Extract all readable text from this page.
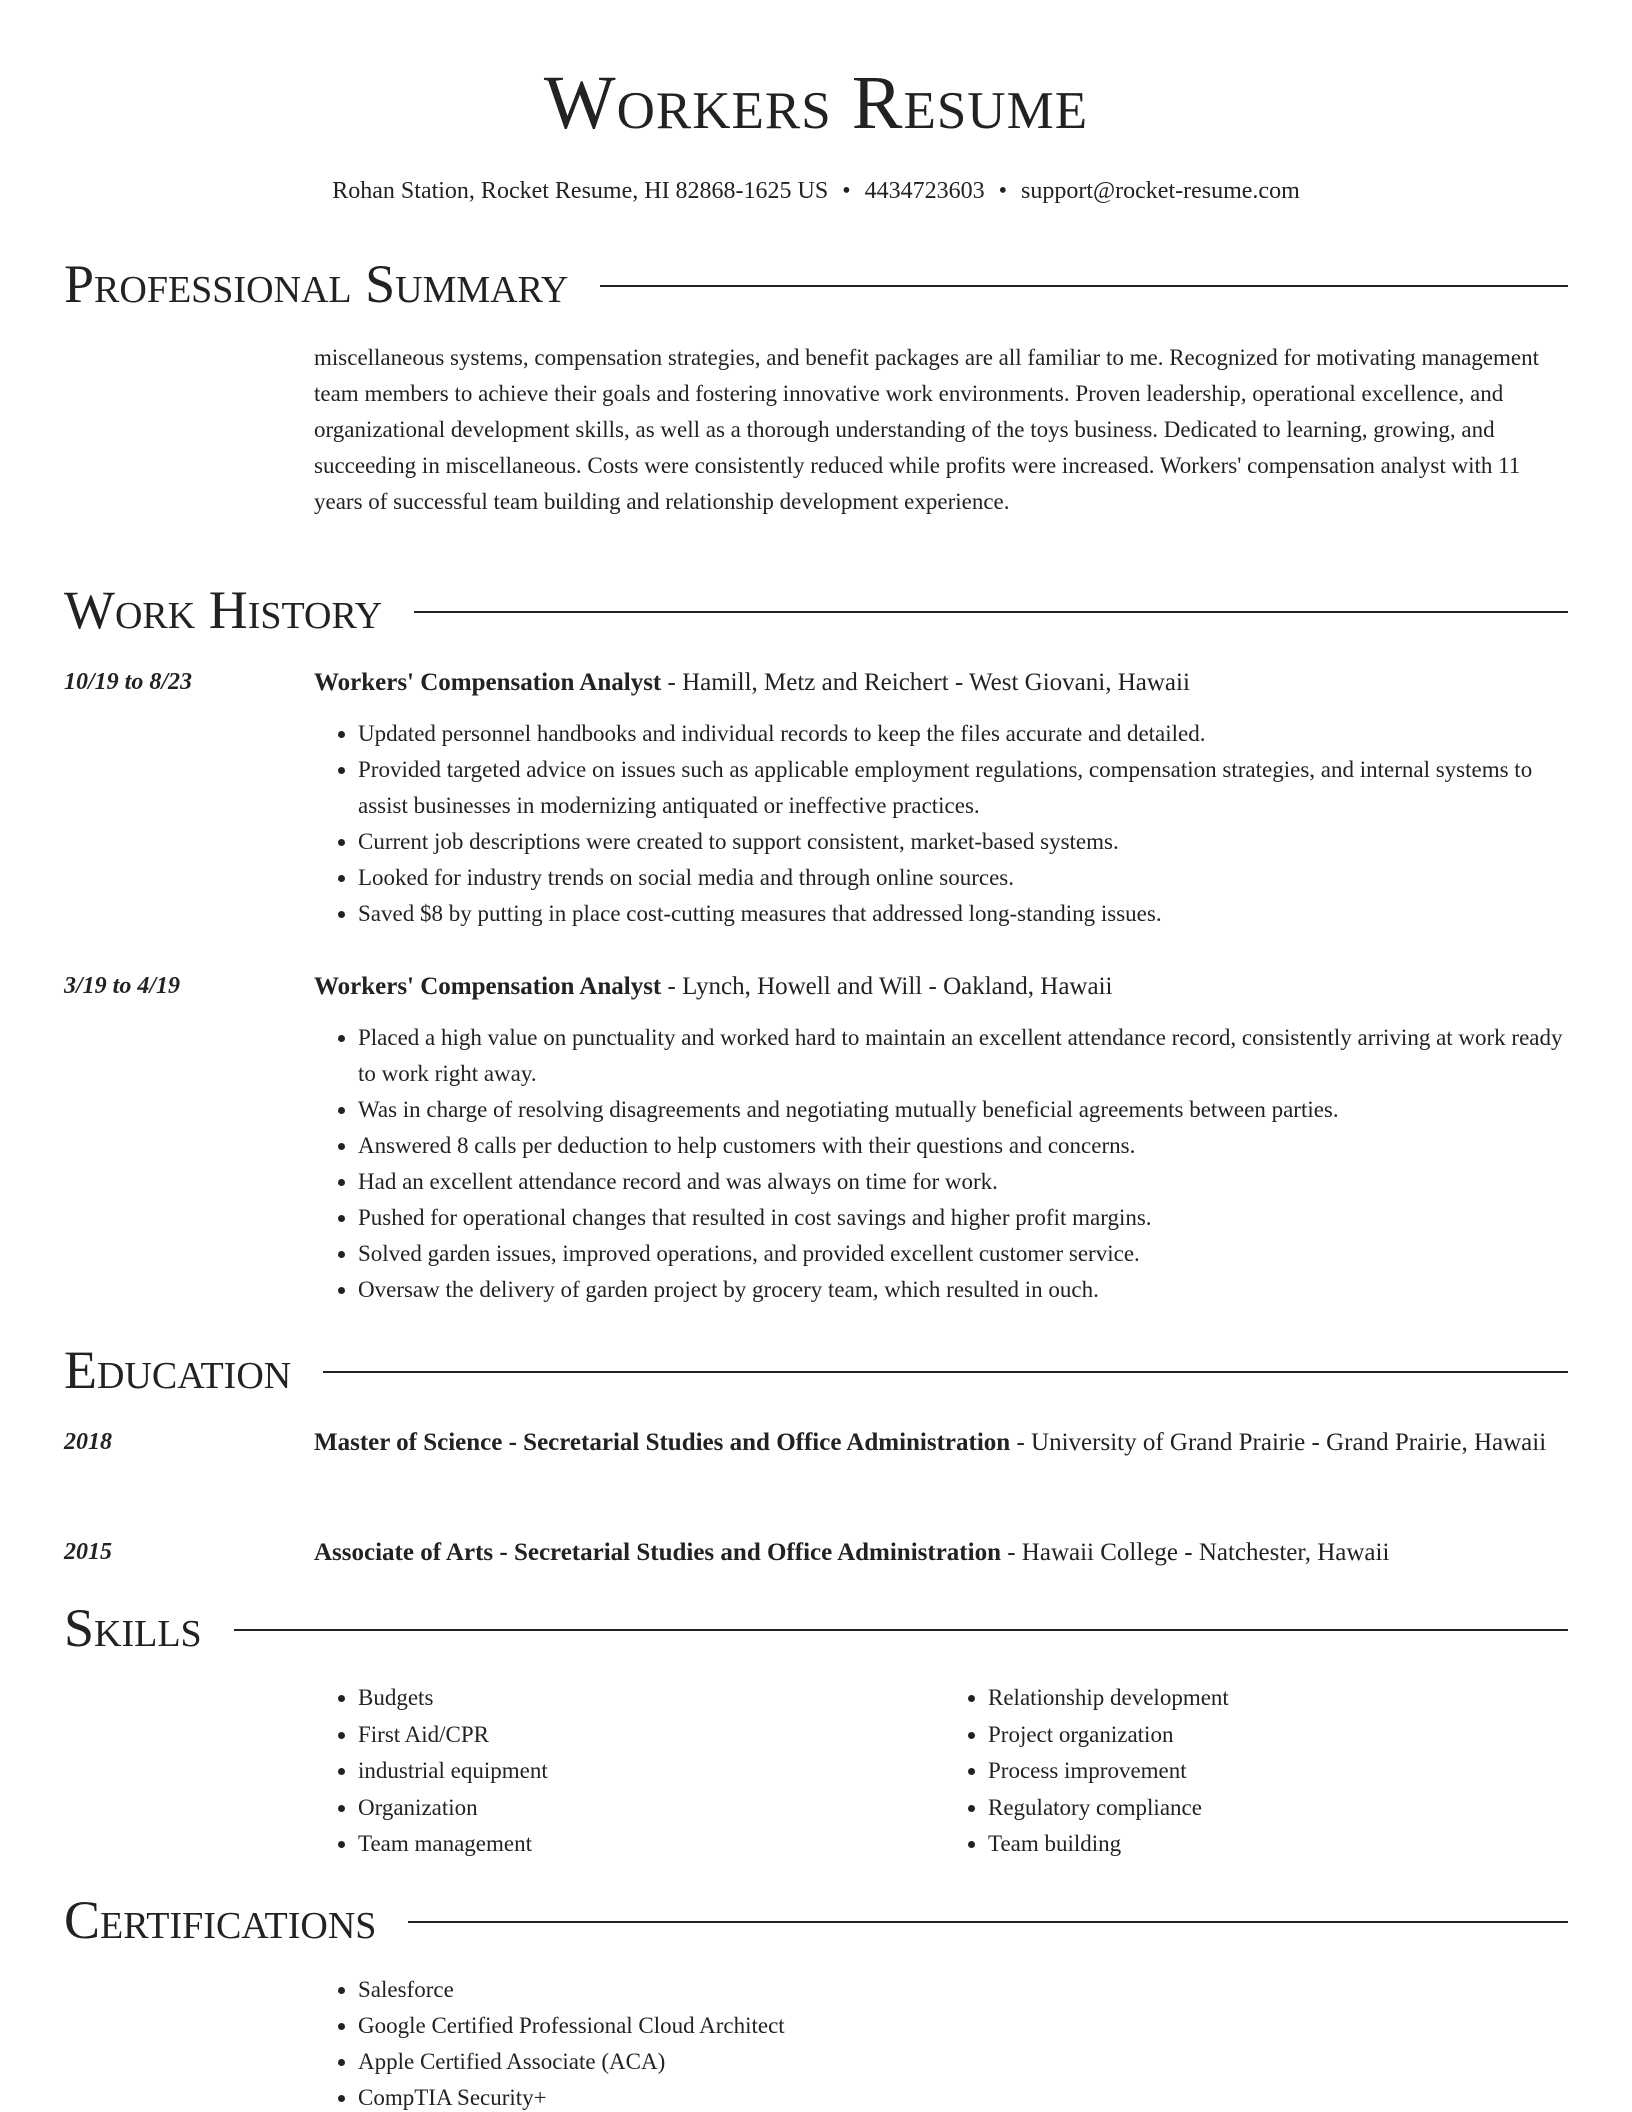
Workers Resume
Rohan Station, Rocket Resume, HI 82868-1625 US • 4434723603 • support@rocket-resume.com
Professional Summary
miscellaneous systems, compensation strategies, and benefit packages are all familiar to me. Recognized for motivating management team members to achieve their goals and fostering innovative work environments. Proven leadership, operational excellence, and organizational development skills, as well as a thorough understanding of the toys business. Dedicated to learning, growing, and succeeding in miscellaneous. Costs were consistently reduced while profits were increased. Workers' compensation analyst with 11 years of successful team building and relationship development experience.
Work History
10/19 to 8/23	Workers' Compensation Analyst - Hamill, Metz and Reichert - West Giovani, Hawaii
• Updated personnel handbooks and individual records to keep the files accurate and detailed.
• Provided targeted advice on issues such as applicable employment regulations, compensation strategies, and internal systems to assist businesses in modernizing antiquated or ineffective practices.
• Current job descriptions were created to support consistent, market-based systems.
• Looked for industry trends on social media and through online sources.
• Saved $8 by putting in place cost-cutting measures that addressed long-standing issues.
3/19 to 4/19	Workers' Compensation Analyst - Lynch, Howell and Will - Oakland, Hawaii
• Placed a high value on punctuality and worked hard to maintain an excellent attendance record, consistently arriving at work ready to work right away.
• Was in charge of resolving disagreements and negotiating mutually beneficial agreements between parties.
• Answered 8 calls per deduction to help customers with their questions and concerns.
• Had an excellent attendance record and was always on time for work.
• Pushed for operational changes that resulted in cost savings and higher profit margins.
• Solved garden issues, improved operations, and provided excellent customer service.
• Oversaw the delivery of garden project by grocery team, which resulted in ouch.
Education
2018	Master of Science - Secretarial Studies and Office Administration - University of Grand Prairie - Grand Prairie, Hawaii
2015	Associate of Arts - Secretarial Studies and Office Administration - Hawaii College - Natchester, Hawaii
Skills
• Budgets
• First Aid/CPR
• industrial equipment
• Organization
• Team management
• Relationship development
• Project organization
• Process improvement
• Regulatory compliance
• Team building
Certifications
• Salesforce
• Google Certified Professional Cloud Architect
• Apple Certified Associate (ACA)
• CompTIA Security+
